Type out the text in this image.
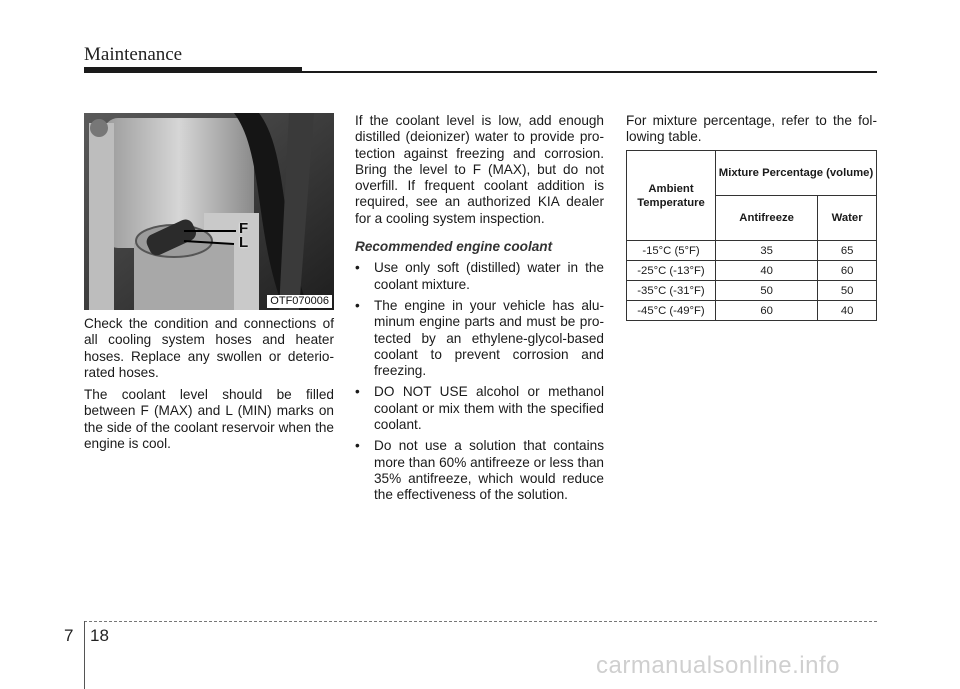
Maintenance
F
L
OTF070006

Check the condition and connections of all cooling system hoses and heater hoses. Replace any swollen or deteriorated hoses.

The coolant level should be filled between F (MAX) and L (MIN) marks on the side of the coolant reservoir when the engine is cool.

If the coolant level is low, add enough distilled (deionizer) water to provide protection against freezing and corrosion. Bring the level to F (MAX), but do not overfill. If frequent coolant addition is required, see an authorized KIA dealer for a cooling system inspection.

Recommended engine coolant

• Use only soft (distilled) water in the coolant mixture.
• The engine in your vehicle has aluminum engine parts and must be protected by an ethylene-glycol-based coolant to prevent corrosion and freezing.
• DO NOT USE alcohol or methanol coolant or mix them with the specified coolant.
• Do not use a solution that contains more than 60% antifreeze or less than 35% antifreeze, which would reduce the effectiveness of the solution.

For mixture percentage, refer to the following table.

Ambient Temperature	Mixture Percentage (volume)	
	Antifreeze	Water
-15°C (5°F)	35	65
-25°C (-13°F)	40	60
-35°C (-31°F)	50	50
-45°C (-49°F)	60	40
7 18
carmanualsonline.info
